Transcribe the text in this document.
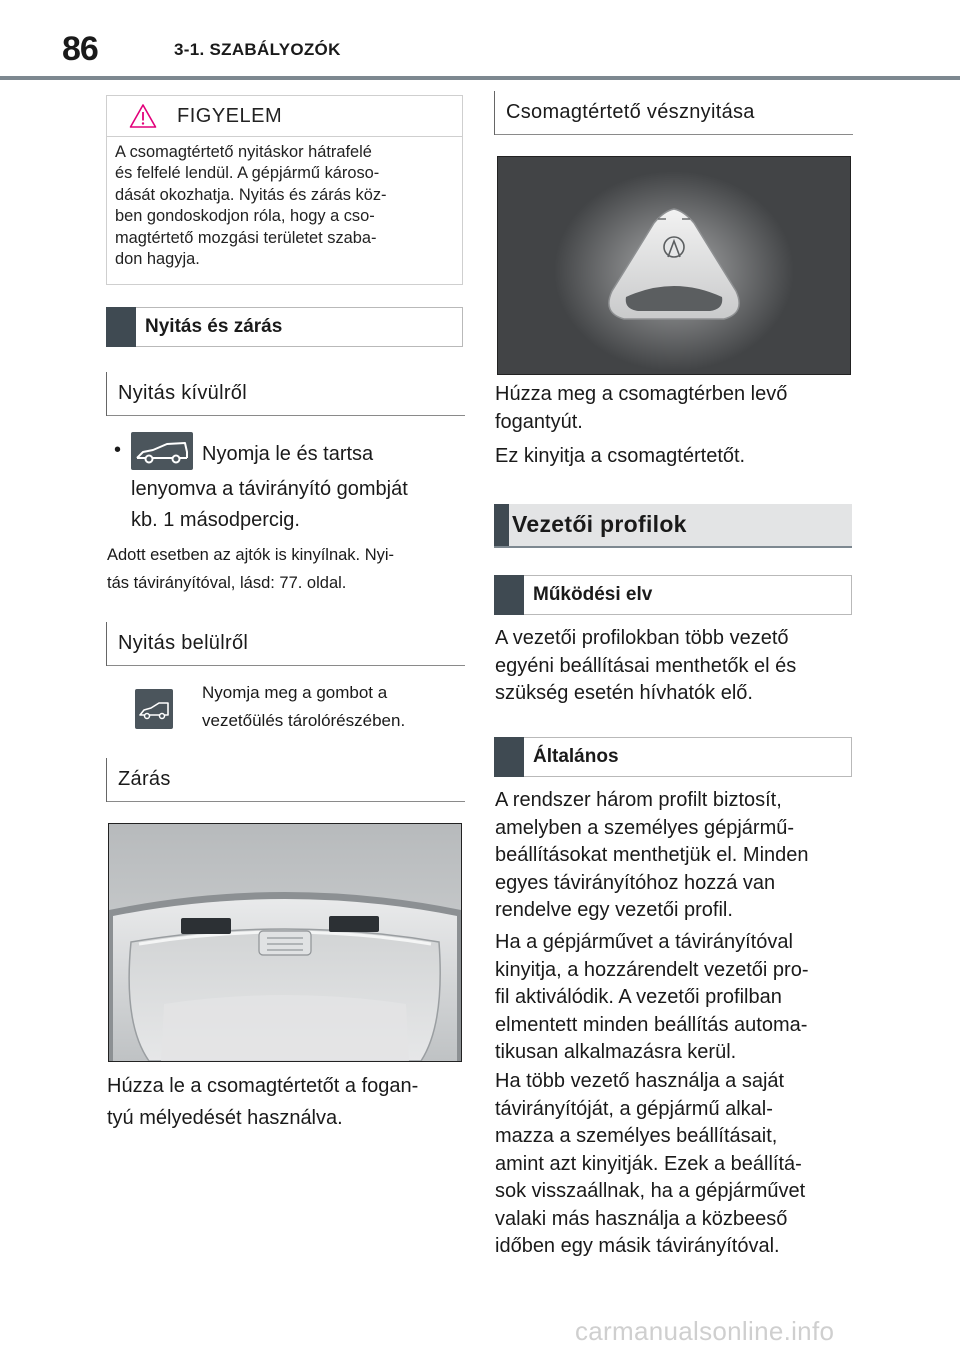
86	3-1. SZABÁLYOZÓK
FIGYELEM
A csomagtértető nyitáskor hátrafelé
és felfelé lendül. A gépjármű károso-
dását okozhatja. Nyitás és zárás köz-
ben gondoskodjon róla, hogy a cso-
magtértető mozgási területet szaba-
don hagyja.
Nyitás és zárás
Nyitás kívülről
•	Nyomja le és tartsa
lenyomva a távirányító gombját
kb. 1 másodpercig.
Adott esetben az ajtók is kinyílnak. Nyi-
tás távirányítóval, lásd: 77. oldal.
Nyitás belülről
Nyomja meg a gombot a
vezetőülés tárolórészében.
Zárás
Húzza le a csomagtértetőt a fogan-
tyú mélyedését használva.
Csomagtértető vésznyitása
Húzza meg a csomagtérben levő
fogantyút.
Ez kinyitja a csomagtértetőt.
Vezetői profilok
Működési elv
A vezetői profilokban több vezető
egyéni beállításai menthetők el és
szükség esetén hívhatók elő.
Általános
A rendszer három profilt biztosít,
amelyben a személyes gépjármű-
beállításokat menthetjük el. Minden
egyes távirányítóhoz hozzá van
rendelve egy vezetői profil.
Ha a gépjárművet a távirányítóval
kinyitja, a hozzárendelt vezetői pro-
fil aktiválódik. A vezetői profilban
elmentett minden beállítás automa-
tikusan alkalmazásra kerül.
Ha több vezető használja a saját
távirányítóját, a gépjármű alkal-
mazza a személyes beállításait,
amint azt kinyitják. Ezek a beállítá-
sok visszaállnak, ha a gépjárművet
valaki más használja a közbeeső
időben egy másik távirányítóval.
carmanualsonline.info
